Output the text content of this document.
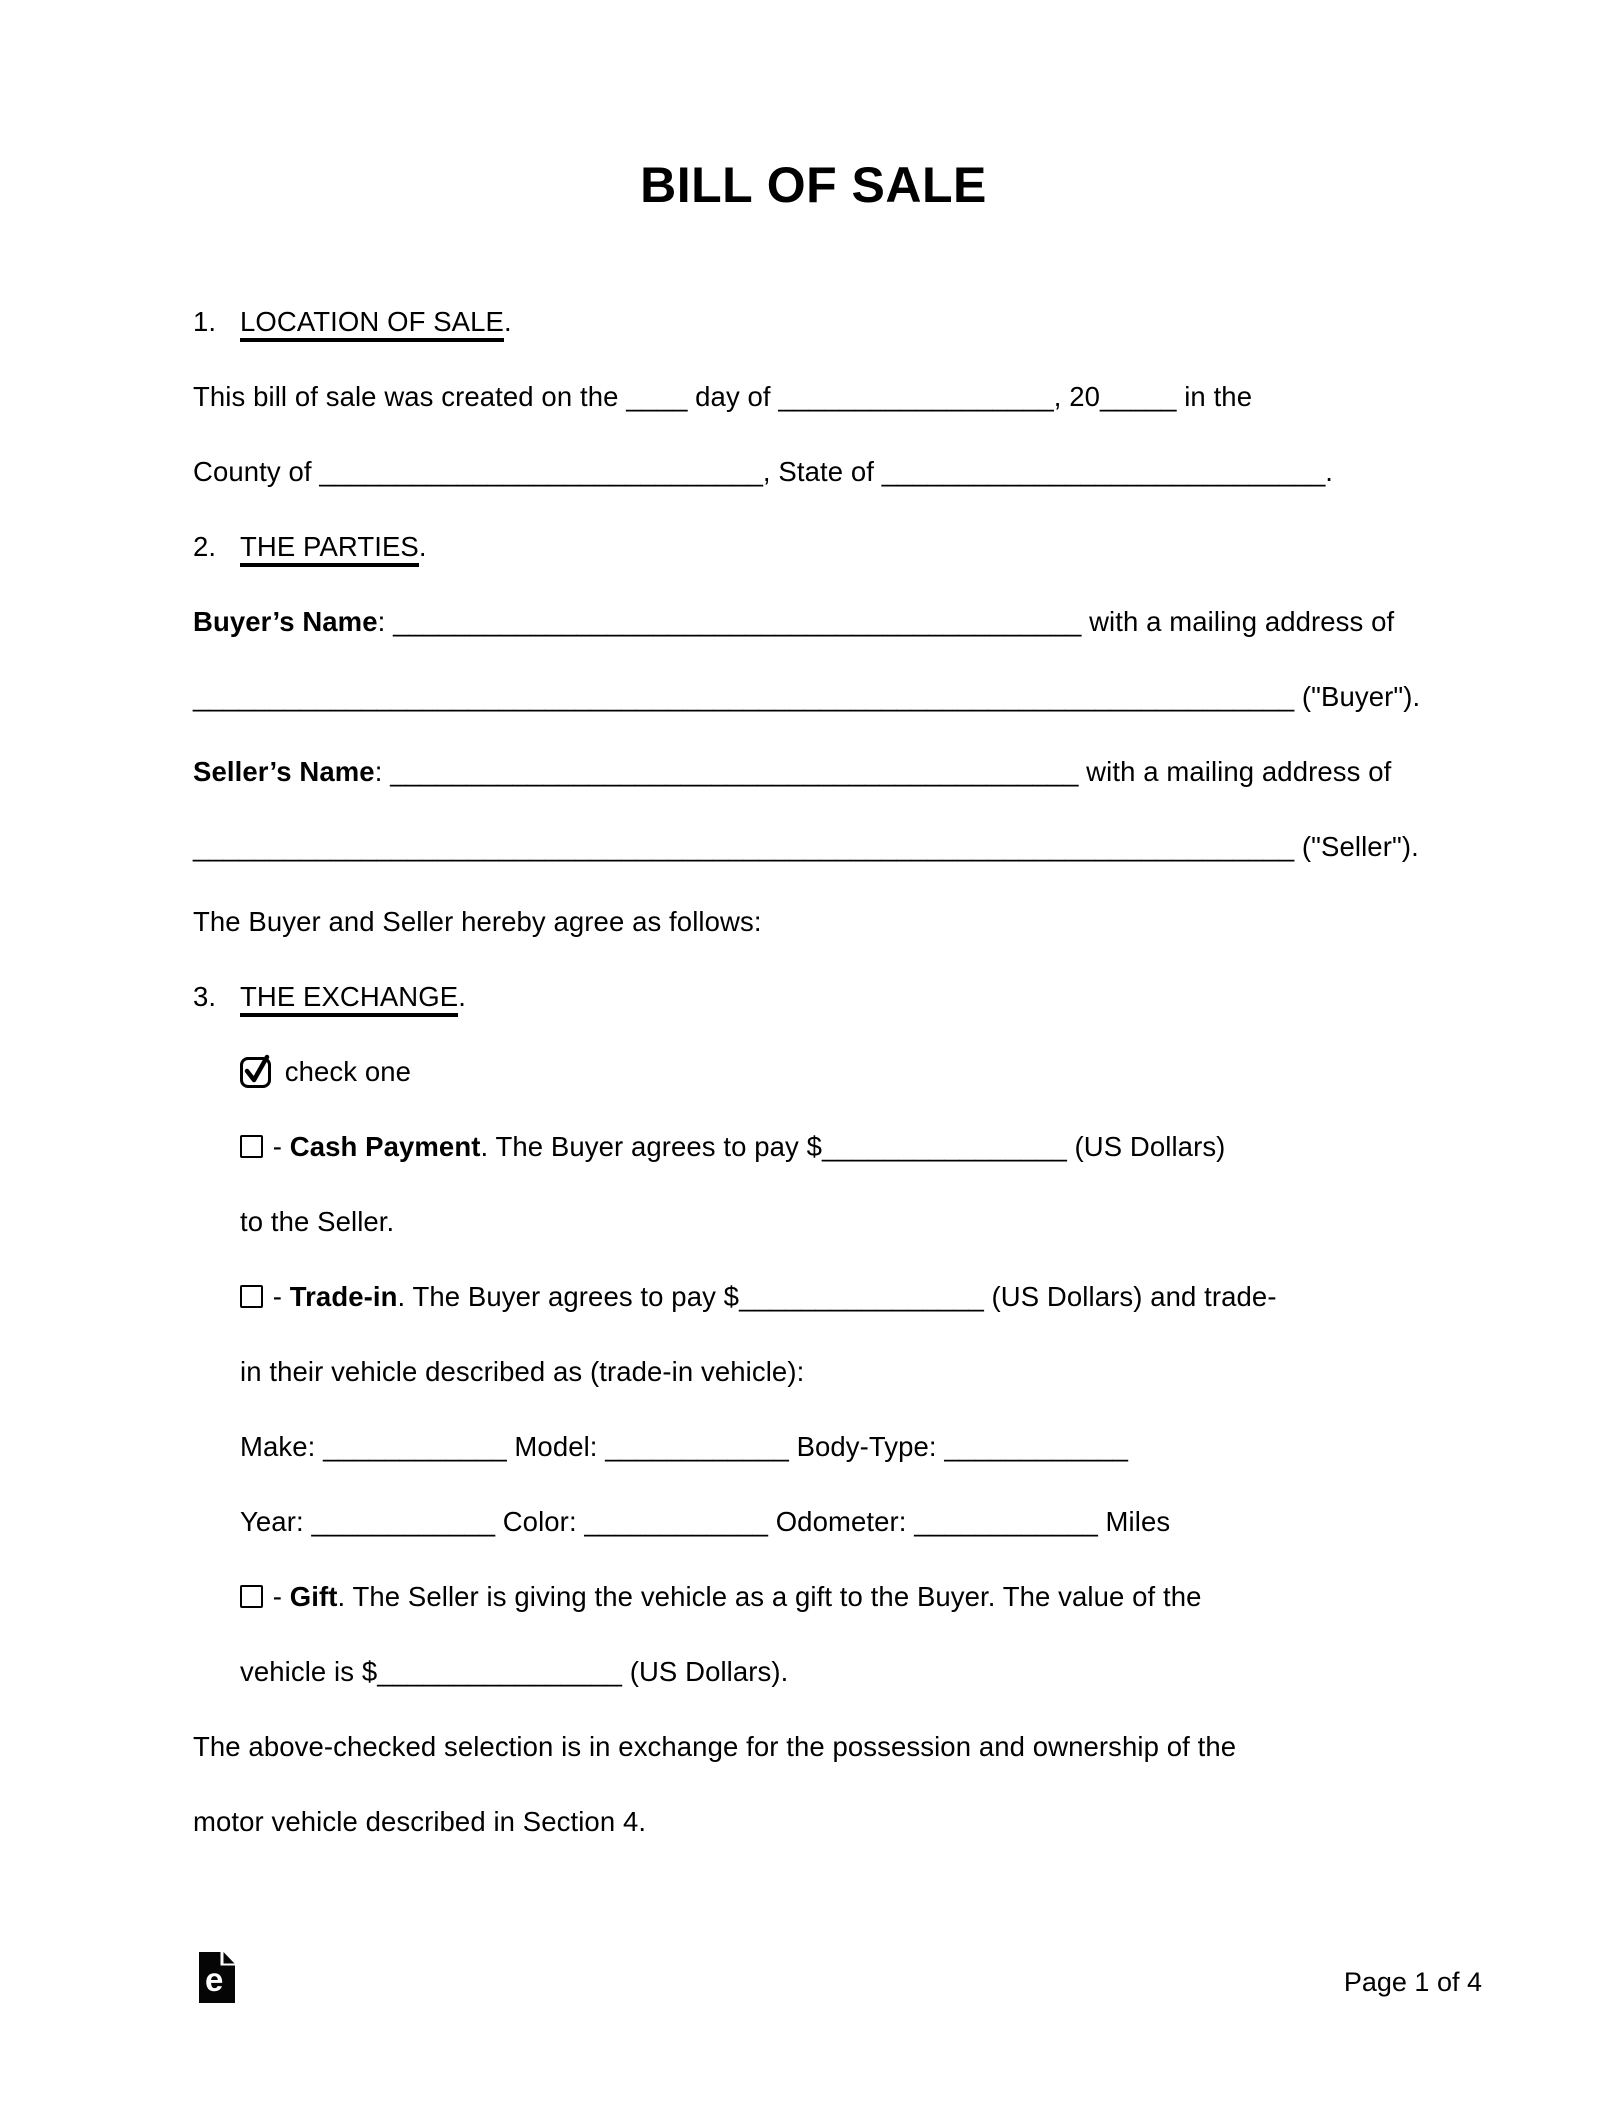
BILL OF SALE
1. LOCATION OF SALE.
This bill of sale was created on the ____ day of __________________, 20_____ in the
County of _____________________________, State of _____________________________.
2. THE PARTIES.
Buyer’s Name: _____________________________________________ with a mailing address of
________________________________________________________________________ ("Buyer").
Seller’s Name: _____________________________________________ with a mailing address of
________________________________________________________________________ ("Seller").
The Buyer and Seller hereby agree as follows:
3. THE EXCHANGE.
check one
- Cash Payment. The Buyer agrees to pay $________________ (US Dollars)
to the Seller.
- Trade-in. The Buyer agrees to pay $________________ (US Dollars) and trade-
in their vehicle described as (trade-in vehicle):
Make: ____________ Model: ____________ Body-Type: ____________
Year: ____________ Color: ____________ Odometer: ____________ Miles
- Gift. The Seller is giving the vehicle as a gift to the Buyer. The value of the
vehicle is $________________ (US Dollars).
The above-checked selection is in exchange for the possession and ownership of the
motor vehicle described in Section 4.
e	Page 1 of 4
